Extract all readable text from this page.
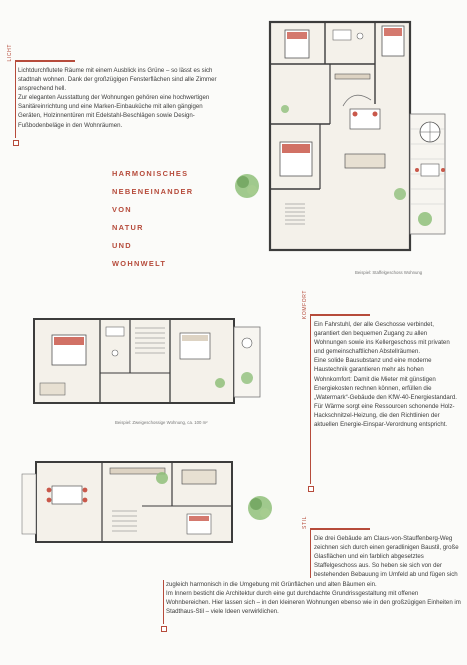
LICHT

Lichtdurchflutete Räume mit einem Ausblick ins Grüne – so lässt es sich stadtnah wohnen. Dank der großzügigen Fensterflächen sind alle Zimmer ansprechend hell.

Zur eleganten Ausstattung der Wohnungen gehören eine hochwertigen Sanitäreinrichtung und eine Marken-Einbauküche mit allen gängigen Geräten, Holzinnentüren mit Edelstahl-Beschlägen sowie Design-Fußbodenbeläge in den Wohnräumen.

HARMONISCHES
NEBENEINANDER
VON
NATUR
UND
WOHNWELT
Beispiel: Staffelgeschoss Wohnung
Beispiel: Zweigeschossige Wohnung, ca. 100 m²
KOMFORT

Ein Fahrstuhl, der alle Geschosse verbindet, garantiert den bequemen Zugang zu allen Wohnungen sowie ins Kellergeschoss mit privaten und gemeinschaftlichen Abstellräumen.

Eine solide Bausubstanz und eine moderne Haustechnik garantieren mehr als hohen Wohnkomfort: Damit die Mieter mit günstigen Energiekosten rechnen können, erfüllen die „Watermark“-Gebäude den KfW-40-Energiestandard. Für Wärme sorgt eine Ressourcen schonende Holz-Hackschnitzel-Heizung, die den Richtlinien der aktuellen Energie-Einspar-Verordnung entspricht.

STIL

Die drei Gebäude am Claus-von-Stauffenberg-Weg zeichnen sich durch einen geradlinigen Baustil, große Glasflächen und ein farblich abgesetztes Staffelgeschoss aus. So heben sie sich von der bestehenden Bebauung im Umfeld ab und fügen sich

zugleich harmonisch in die Umgebung mit Grünflächen und alten Bäumen ein.

Im Innern besticht die Architektur durch eine gut durchdachte Grundrissgestaltung mit offenen Wohnbereichen. Hier lassen sich – in den kleineren Wohnungen ebenso wie in den großzügigen Einheiten im Stadthaus-Stil – viele Ideen verwirklichen.
